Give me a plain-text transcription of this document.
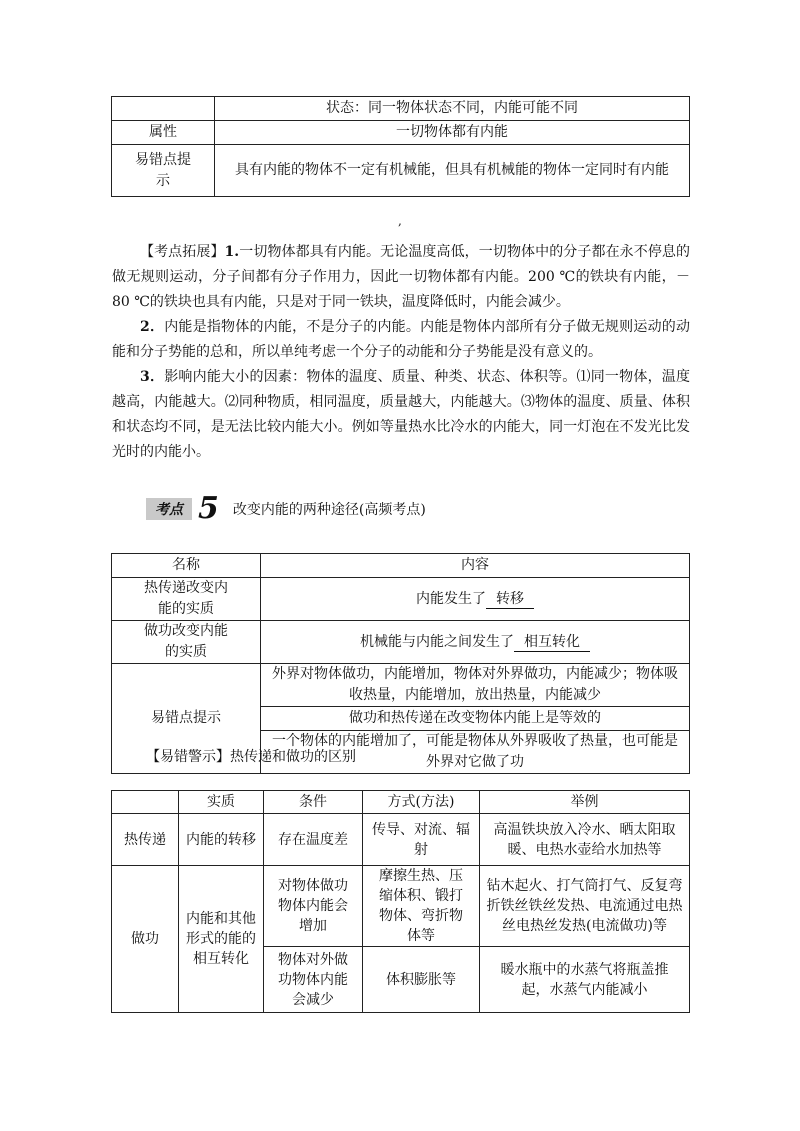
	状态：同一物体状态不同，内能可能不同
属性	一切物体都有内能
易错点提示	具有内能的物体不一定有机械能，但具有机械能的物体一定同时有内能
,

【考点拓展】1.一切物体都具有内能。无论温度高低，一切物体中的分子都在永不停息的做无规则运动，分子间都有分子作用力，因此一切物体都有内能。200 ℃的铁块有内能，－80 ℃的铁块也具有内能，只是对于同一铁块，温度降低时，内能会减少。

2．内能是指物体的内能，不是分子的内能。内能是物体内部所有分子做无规则运动的动能和分子势能的总和，所以单纯考虑一个分子的动能和分子势能是没有意义的。

3．影响内能大小的因素：物体的温度、质量、种类、状态、体积等。⑴同一物体，温度越高，内能越大。⑵同种物质，相同温度，质量越大，内能越大。⑶物体的温度、质量、体积和状态均不同，是无法比较内能大小。例如等量热水比冷水的内能大，同一灯泡在不发光比发光时的内能小。

考点 5 改变内能的两种途径(高频考点)
名称	内容
热传递改变内能的实质	内能发生了 转移
做功改变内能的实质	机械能与内能之间发生了 相互转化
易错点提示	外界对物体做功，内能增加，物体对外界做功，内能减少；物体吸收热量，内能增加，放出热量，内能减少
	做功和热传递在改变物体内能上是等效的
	一个物体的内能增加了，可能是物体从外界吸收了热量，也可能是外界对它做了功
【易错警示】热传递和做功的区别
	实质	条件	方式(方法)	举例
热传递	内能的转移	存在温度差	传导、对流、辐射	高温铁块放入冷水、晒太阳取暖、电热水壶给水加热等
做功	内能和其他形式的能的相互转化	对物体做功物体内能会增加	摩擦生热、压缩体积、锻打物体、弯折物体等	钻木起火、打气筒打气、反复弯折铁丝铁丝发热、电流通过电热丝电热丝发热(电流做功)等
		物体对外做功物体内能会减少	体积膨胀等	暖水瓶中的水蒸气将瓶盖推起，水蒸气内能减小
